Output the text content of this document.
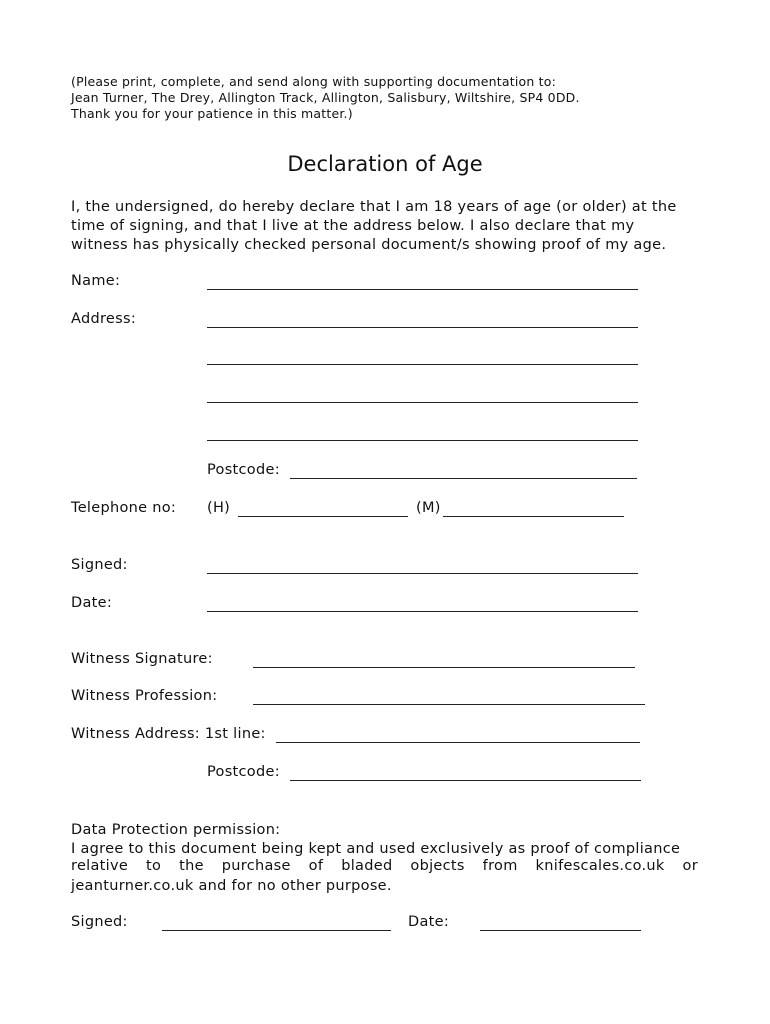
(Please print, complete, and send along with supporting documentation to:
Jean Turner, The Drey, Allington Track, Allington, Salisbury, Wiltshire, SP4 0DD.
Thank you for your patience in this matter.)
Declaration of Age
I, the undersigned, do hereby declare that I am 18 years of age (or older) at the
time of signing, and that I live at the address below. I also declare that my
witness has physically checked personal document/s showing proof of my age.
Name:
Address:
Postcode:
Telephone no: (H)	(M)
Signed:
Date:
Witness Signature:
Witness Profession:
Witness Address: 1st line:
Postcode:
Data Protection permission:
I agree to this document being kept and used exclusively as proof of compliance
relative to the purchase of bladed objects from knifescales.co.uk or
jeanturner.co.uk and for no other purpose.
Signed:	Date:
